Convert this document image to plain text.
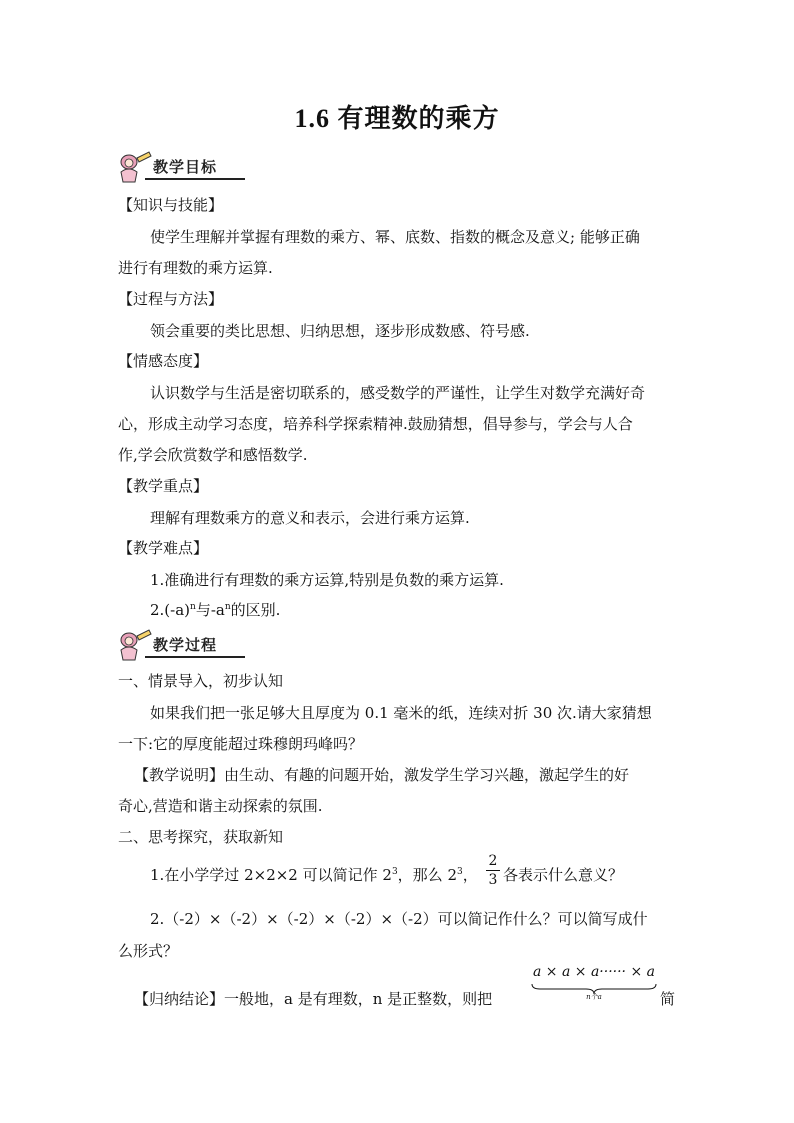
1.6 有理数的乘方
教学目标
【知识与技能】
使学生理解并掌握有理数的乘方、幂、底数、指数的概念及意义; 能够正确
进行有理数的乘方运算.
【过程与方法】
领会重要的类比思想、归纳思想，逐步形成数感、符号感.
【情感态度】
认识数学与生活是密切联系的，感受数学的严谨性，让学生对数学充满好奇
心，形成主动学习态度，培养科学探索精神.鼓励猜想，倡导参与，学会与人合
作,学会欣赏数学和感悟数学.
【教学重点】
理解有理数乘方的意义和表示，会进行乘方运算.
【教学难点】
1.准确进行有理数的乘方运算,特别是负数的乘方运算.
$2.(-a)^n$与$-a^n$的区别.
教学过程
一、情景导入，初步认知
如果我们把一张足够大且厚度为 0.1 毫米的纸，连续对折 30 次.请大家猜想
一下:它的厚度能超过珠穆朗玛峰吗？
【教学说明】由生动、有趣的问题开始，激发学生学习兴趣，激起学生的好
奇心,营造和谐主动探索的氛围.
二、思考探究，获取新知
1.在小学学过 2×2×2 可以简记作 $2^3$，那么 $2^3$， $\frac{2}{3}$ 各表示什么意义？
2.（-2）×（-2）×（-2）×（-2）×（-2）可以简记作什么？可以简写成什
么形式？
【归纳结论】一般地，a 是有理数，n 是正整数，则把
a × a × a······ × a
n个a	简
